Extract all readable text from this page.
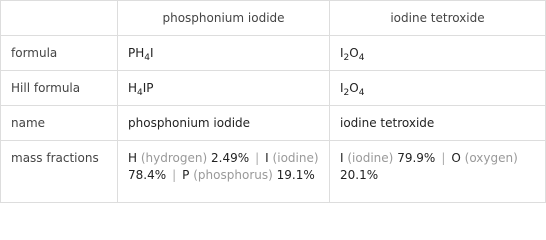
	phosphonium iodide	iodine tetroxide
formula	$PH_4I$	$I_2O_4$
Hill formula	$H_4IP$	$I_2O_4$
name	phosphonium iodide	iodine tetroxide
mass fractions	H (hydrogen) 2.49% | I (iodine) 78.4% | P (phosphorus) 19.1%	I (iodine) 79.9% | O (oxygen) 20.1%
